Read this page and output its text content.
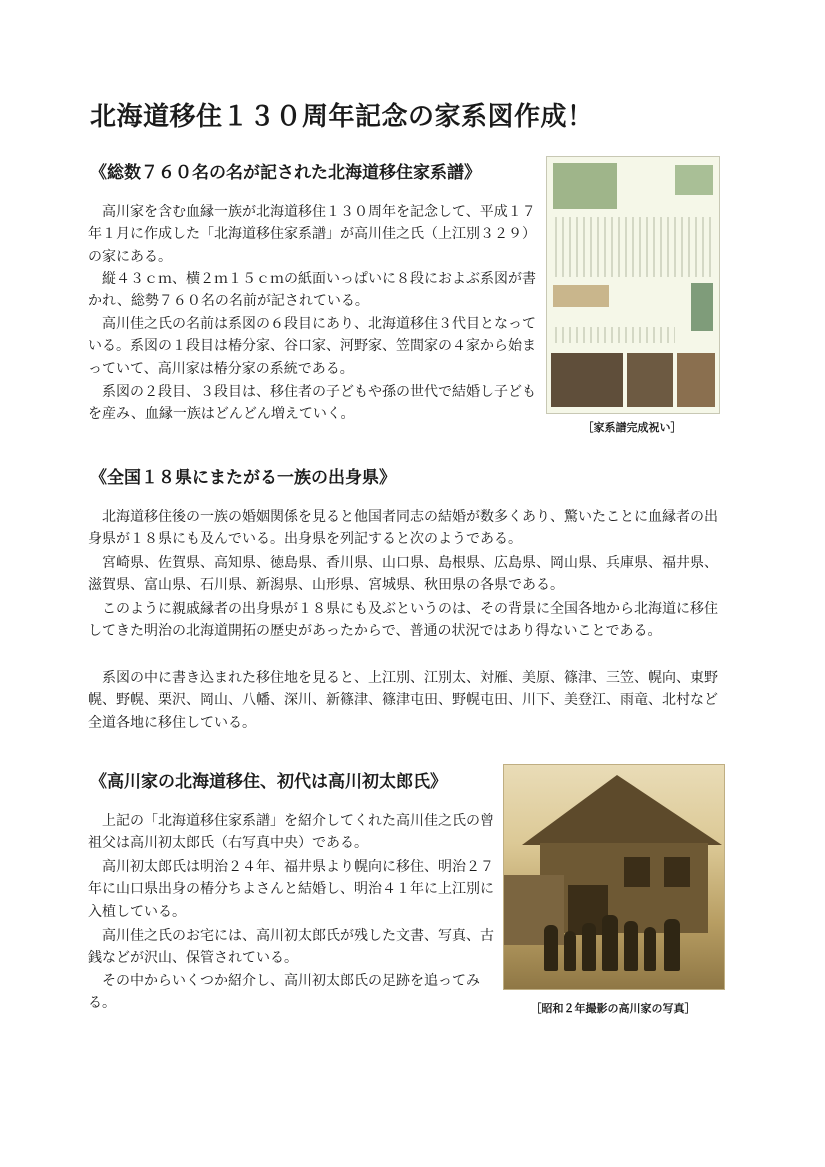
北海道移住１３０周年記念の家系図作成！
《総数７６０名の名が記された北海道移住家系譜》

高川家を含む血縁一族が北海道移住１３０周年を記念して、平成１７年１月に作成した「北海道移住家系譜」が高川佳之氏（上江別３２９）の家にある。

縦４３ｃｍ、横２ｍ１５ｃｍの紙面いっぱいに８段におよぶ系図が書かれ、総勢７６０名の名前が記されている。

高川佳之氏の名前は系図の６段目にあり、北海道移住３代目となっている。系図の１段目は椿分家、谷口家、河野家、笠間家の４家から始まっていて、高川家は椿分家の系統である。

系図の２段目、３段目は、移住者の子どもや孫の世代で結婚し子どもを産み、血縁一族はどんどん増えていく。

［家系譜完成祝い］
《全国１８県にまたがる一族の出身県》

北海道移住後の一族の婚姻関係を見ると他国者同志の結婚が数多くあり、驚いたことに血縁者の出身県が１８県にも及んでいる。出身県を列記すると次のようである。

宮崎県、佐賀県、高知県、徳島県、香川県、山口県、島根県、広島県、岡山県、兵庫県、福井県、滋賀県、富山県、石川県、新潟県、山形県、宮城県、秋田県の各県である。

このように親戚縁者の出身県が１８県にも及ぶというのは、その背景に全国各地から北海道に移住してきた明治の北海道開拓の歴史があったからで、普通の状況ではあり得ないことである。

系図の中に書き込まれた移住地を見ると、上江別、江別太、対雁、美原、篠津、三笠、幌向、東野幌、野幌、栗沢、岡山、八幡、深川、新篠津、篠津屯田、野幌屯田、川下、美登江、雨竜、北村など全道各地に移住している。

《高川家の北海道移住、初代は高川初太郎氏》

上記の「北海道移住家系譜」を紹介してくれた高川佳之氏の曾祖父は高川初太郎氏（右写真中央）である。

高川初太郎氏は明治２４年、福井県より幌向に移住、明治２７年に山口県出身の椿分ちよさんと結婚し、明治４１年に上江別に入植している。

高川佳之氏のお宅には、高川初太郎氏が残した文書、写真、古銭などが沢山、保管されている。

その中からいくつか紹介し、高川初太郎氏の足跡を追ってみる。	［昭和２年撮影の高川家の写真］
